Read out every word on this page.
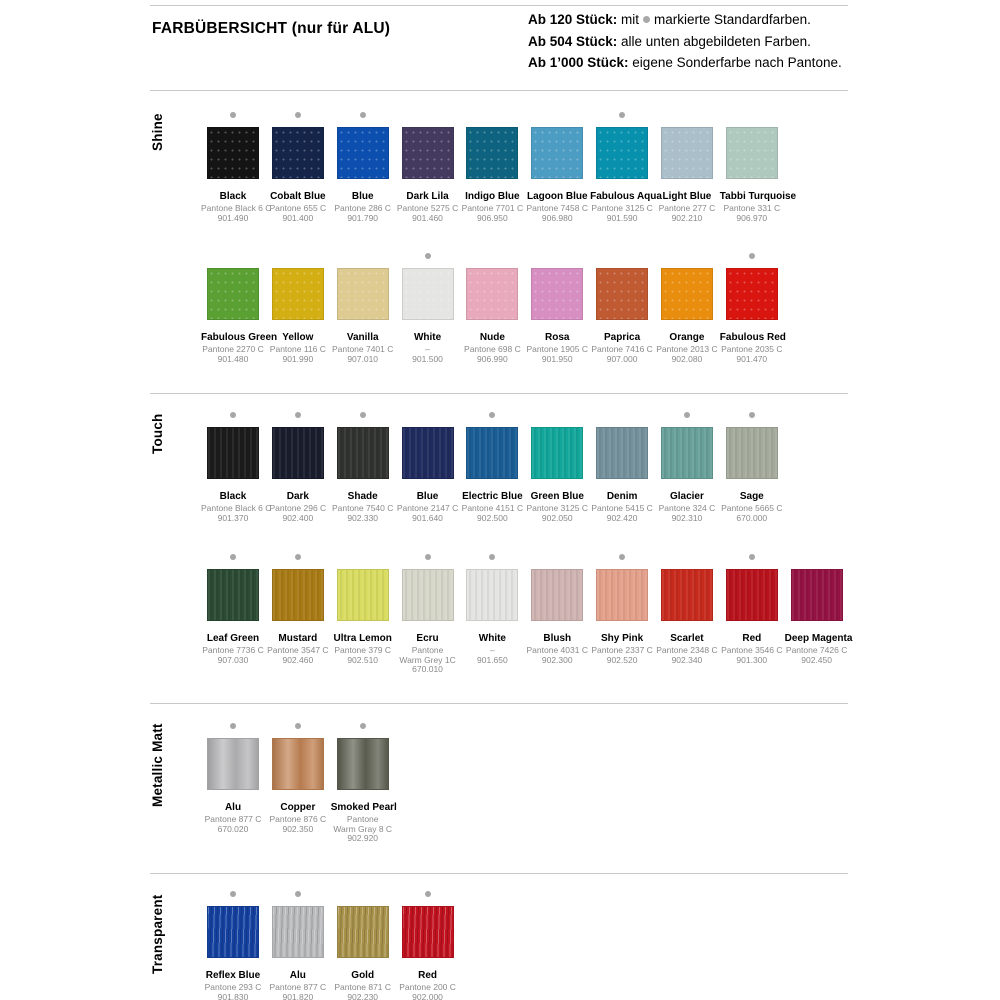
FARBÜBERSICHT (nur für ALU)
Ab 120 Stück: mit markierte Standardfarben.
Ab 504 Stück: alle unten abgebildeten Farben.
Ab 1’000 Stück: eigene Sonderfarbe nach Pantone.
Shine
Black
Pantone Black 6 C
901.490
Cobalt Blue
Pantone 655 C
901.400
Blue
Pantone 286 C
901.790
Dark Lila
Pantone 5275 C
901.460
Indigo Blue
Pantone 7701 C
906.950
Lagoon Blue
Pantone 7458 C
906.980
Fabulous Aqua
Pantone 3125 C
901.590
Light Blue
Pantone 277 C
902.210
Tabbi Turquoise
Pantone 331 C
906.970
Fabulous Green
Pantone 2270 C
901.480
Yellow
Pantone 116 C
901.990
Vanilla
Pantone 7401 C
907.010
White
–
901.500
Nude
Pantone 698 C
906.990
Rosa
Pantone 1905 C
901.950
Paprica
Pantone 7416 C
907.000
Orange
Pantone 2013 C
902.080
Fabulous Red
Pantone 2035 C
901.470
Touch
Black
Pantone Black 6 C
901.370
Dark
Pantone 296 C
902.400
Shade
Pantone 7540 C
902.330
Blue
Pantone 2147 C
901.640
Electric Blue
Pantone 4151 C
902.500
Green Blue
Pantone 3125 C
902.050
Denim
Pantone 5415 C
902.420
Glacier
Pantone 324 C
902.310
Sage
Pantone 5665 C
670.000
Leaf Green
Pantone 7736 C
907.030
Mustard
Pantone 3547 C
902.460
Ultra Lemon
Pantone 379 C
902.510
Ecru
Pantone
Warm Grey 1C
670.010
White
–
901.650
Blush
Pantone 4031 C
902.300
Shy Pink
Pantone 2337 C
902.520
Scarlet
Pantone 2348 C
902.340
Red
Pantone 3546 C
901.300
Deep Magenta
Pantone 7426 C
902.450
Metallic Matt
Alu
Pantone 877 C
670.020
Copper
Pantone 876 C
902.350
Smoked Pearl
Pantone
Warm Gray 8 C
902.920
Transparent
Reflex Blue
Pantone 293 C
901.830
Alu
Pantone 877 C
901.820
Gold
Pantone 871 C
902.230
Red
Pantone 200 C
902.000
